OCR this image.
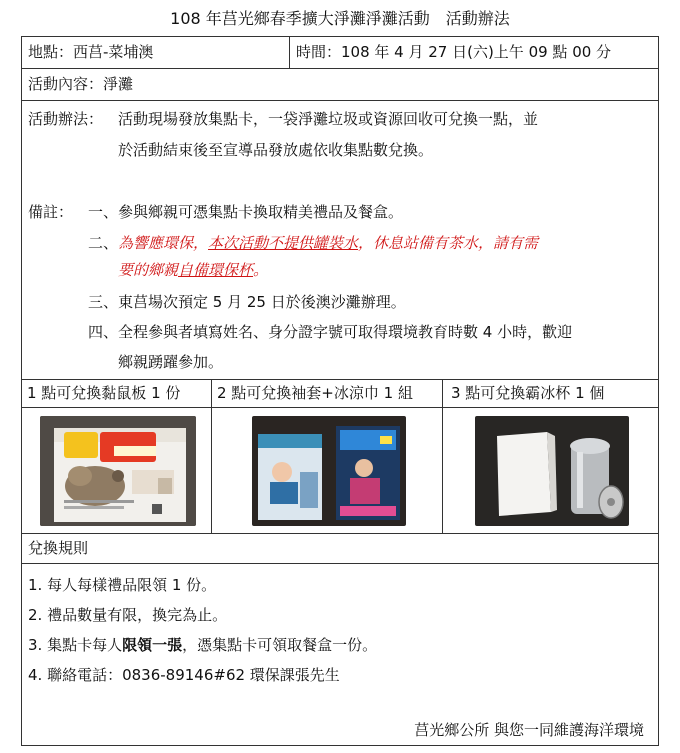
108 年莒光鄉春季擴大淨灘淨灘活動　活動辦法
地點：西莒-菜埔澳	時間：108 年 4 月 27 日(六)上午 09 點 00 分
活動內容：淨灘
活動辦法： 活動現場發放集點卡，一袋淨灘垃圾或資源回收可兌換一點，並
於活動結束後至宣導品發放處依收集點數兌換。
備註： 一、 參與鄉親可憑集點卡換取精美禮品及餐盒。
二、 為響應環保，本次活動不提供罐裝水，休息站備有茶水，請有需
要的鄉親自備環保杯。
三、 東莒場次預定 5 月 25 日於後澳沙灘辦理。
四、 全程參與者填寫姓名、身分證字號可取得環境教育時數 4 小時，歡迎
鄉親踴躍參加。
1 點可兌換黏鼠板 1 份	2 點可兌換袖套+冰涼巾 1 組	3 點可兌換霸冰杯 1 個
兌換規則
1. 每人每樣禮品限領 1 份。
2. 禮品數量有限，換完為止。
3. 集點卡每人限領一張，憑集點卡可領取餐盒一份。
4. 聯絡電話：0836-89146#62 環保課張先生
莒光鄉公所 與您一同維護海洋環境
